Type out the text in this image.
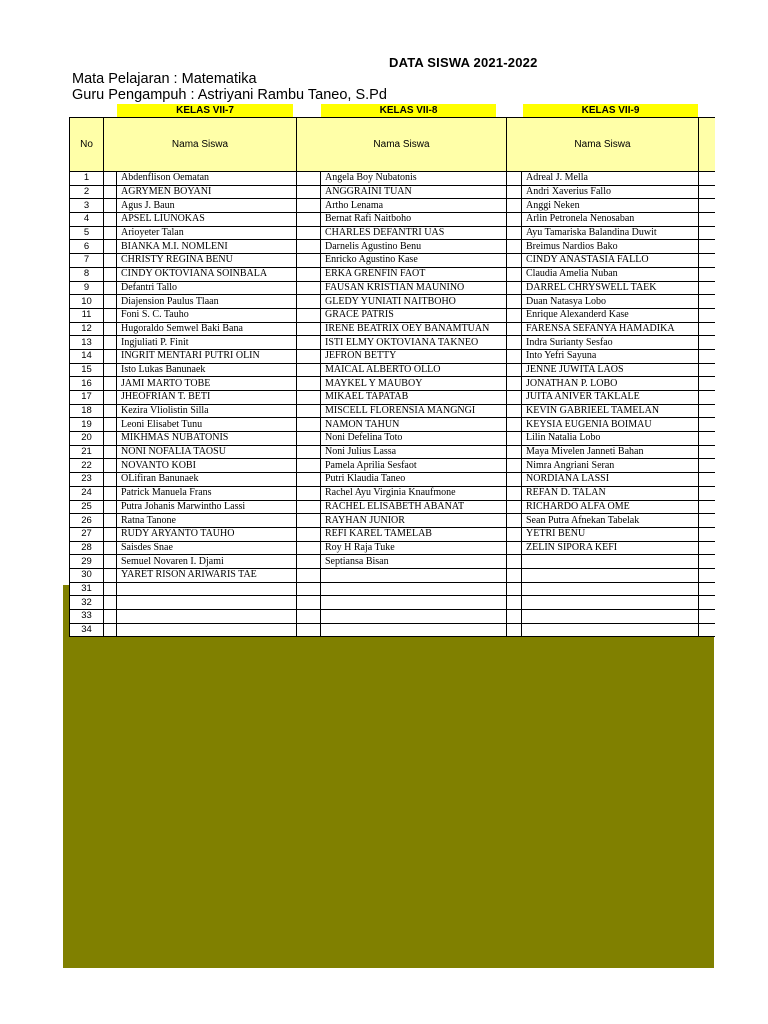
DATA SISWA 2021-2022
Mata Pelajaran : Matematika
Guru Pengampuh : Astriyani Rambu Taneo, S.Pd
KELAS VII-7	KELAS VII-8	KELAS VII-9
No	Nama Siswa		Nama Siswa		Nama Siswa		
1		Abdenflison Oematan		Angela Boy Nubatonis		Adreal J. Mella	
2		AGRYMEN BOYANI		ANGGRAINI TUAN		Andri Xaverius Fallo	
3		Agus J. Baun		Artho Lenama		Anggi Neken	
4		APSEL LIUNOKAS		Bernat Rafi Naitboho		Arlin Petronela Nenosaban	
5		Arioyeter Talan		CHARLES DEFANTRI UAS		Ayu Tamariska Balandina Duwit	
6		BIANKA M.I. NOMLENI		Darnelis Agustino Benu		Breimus Nardios Bako	
7		CHRISTY REGINA BENU		Enricko Agustino Kase		CINDY ANASTASIA FALLO	
8		CINDY OKTOVIANA SOINBALA		ERKA GRENFIN FAOT		Claudia Amelia Nuban	
9		Defantri Tallo		FAUSAN KRISTIAN MAUNINO		DARREL CHRYSWELL TAEK	
10		Diajension Paulus Tlaan		GLEDY YUNIATI NAITBOHO		Duan Natasya Lobo	
11		Foni S. C. Tauho		GRACE PATRIS		Enrique Alexanderd Kase	
12		Hugoraldo Semwel Baki Bana		IRENE BEATRIX OEY BANAMTUAN		FARENSA SEFANYA HAMADIKA	
13		Ingjuliati P. Finit		ISTI ELMY OKTOVIANA TAKNEO		Indra Surianty Sesfao	
14		INGRIT MENTARI PUTRI OLIN		JEFRON BETTY		Into Yefri Sayuna	
15		Isto Lukas Banunaek		MAICAL ALBERTO OLLO		JENNE JUWITA LAOS	
16		JAMI MARTO TOBE		MAYKEL Y MAUBOY		JONATHAN P. LOBO	
17		JHEOFRIAN T. BETI		MIKAEL TAPATAB		JUITA ANIVER TAKLALE	
18		Kezira Vliolistin Silla		MISCELL FLORENSIA MANGNGI		KEVIN GABRIEEL TAMELAN	
19		Leoni Elisabet Tunu		NAMON TAHUN		KEYSIA EUGENIA BOIMAU	
20		MIKHMAS NUBATONIS		Noni Defelina Toto		Lilin Natalia Lobo	
21		NONI NOFALIA TAOSU		Noni Julius Lassa		Maya Mivelen Janneti Bahan	
22		NOVANTO KOBI		Pamela Aprilia Sesfaot		Nimra Angriani Seran	
23		OLifiran Banunaek		Putri Klaudia Taneo		NORDIANA LASSI	
24		Patrick Manuela Frans		Rachel Ayu Virginia Knaufmone		REFAN D. TALAN	
25		Putra Johanis Marwintho Lassi		RACHEL ELISABETH ABANAT		RICHARDO ALFA OME	
26		Ratna Tanone		RAYHAN JUNIOR		Sean Putra Afnekan Tabelak	
27		RUDY ARYANTO TAUHO		REFI KAREL TAMELAB		YETRI BENU	
28		Saisdes Snae		Roy H Raja Tuke		ZELIN SIPORA KEFI	
29		Semuel Novaren I. Djami		Septiansa Bisan			
30		YARET RISON ARIWARIS TAE					
31							
32							
33							
34							
